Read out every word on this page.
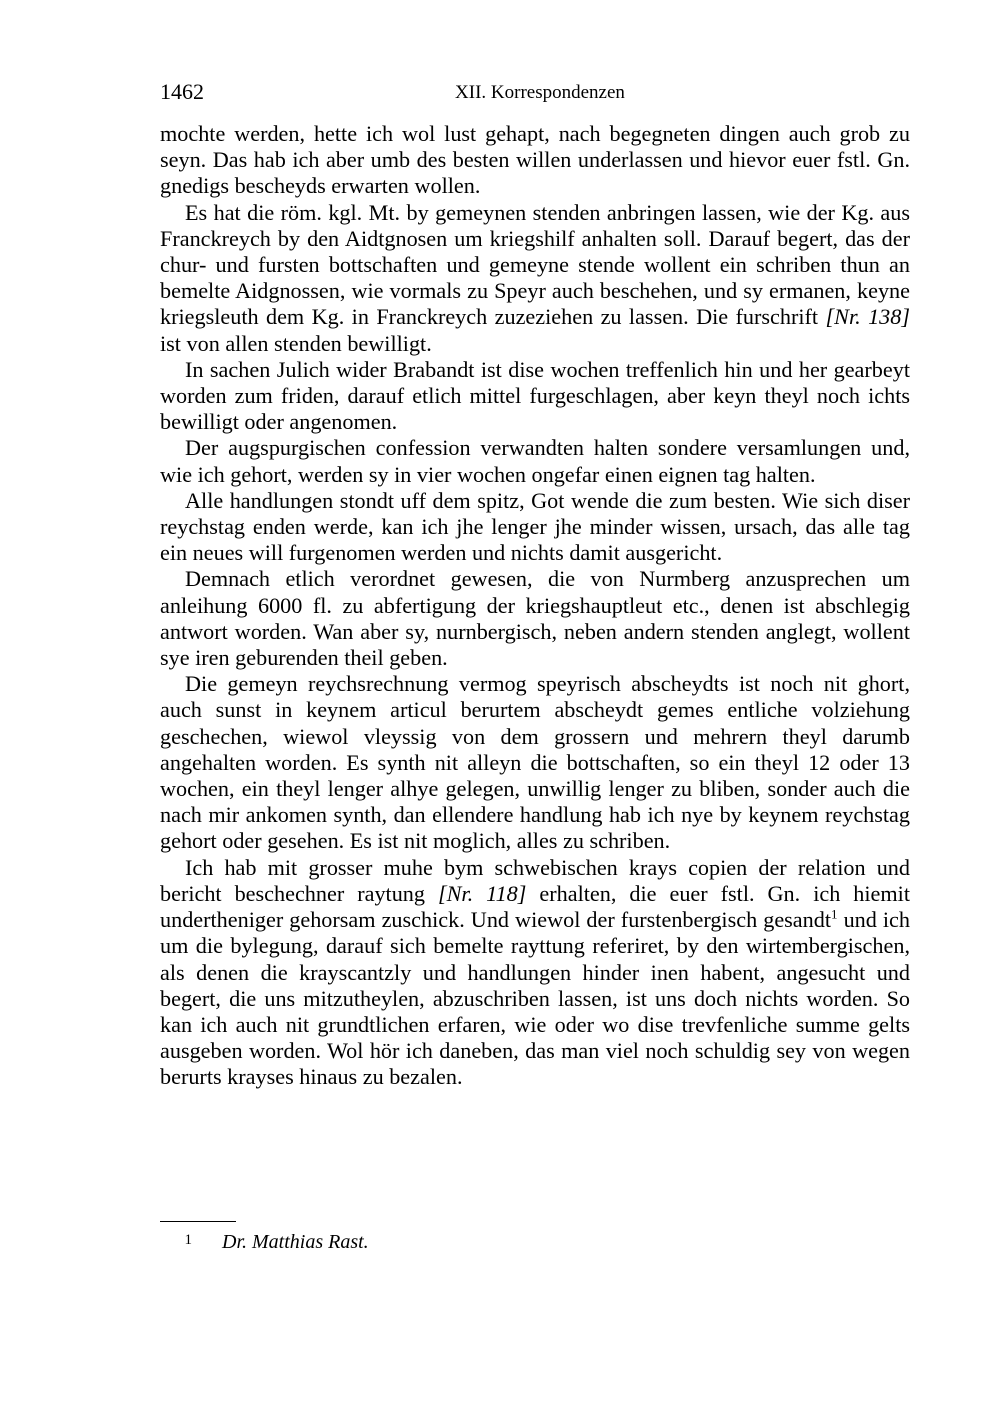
1462	XII. Korrespondenzen

mochte werden, hette ich wol lust gehapt, nach begegneten dingen auch grob zu seyn. Das hab ich aber umb des besten willen underlassen und hievor euer fstl. Gn. gnedigs bescheyds erwarten wollen.

Es hat die röm. kgl. Mt. by gemeynen stenden anbringen lassen, wie der Kg. aus Franckreych by den Aidtgnosen um kriegshilf anhalten soll. Darauf begert, das der chur- und fursten bottschaften und gemeyne stende wollent ein schriben thun an bemelte Aidgnossen, wie vormals zu Speyr auch beschehen, und sy ermanen, keyne kriegsleuth dem Kg. in Franckreych zuzeziehen zu lassen. Die furschrift [Nr. 138] ist von allen stenden bewilligt.

In sachen Julich wider Brabandt ist dise wochen treffenlich hin und her gearbeyt worden zum friden, darauf etlich mittel furgeschlagen, aber keyn theyl noch ichts bewilligt oder angenomen.

Der augspurgischen confession verwandten halten sondere versamlungen und, wie ich gehort, werden sy in vier wochen ongefar einen eignen tag halten.

Alle handlungen stondt uff dem spitz, Got wende die zum besten. Wie sich diser reychstag enden werde, kan ich jhe lenger jhe minder wissen, ursach, das alle tag ein neues will furgenomen werden und nichts damit ausgericht.

Demnach etlich verordnet gewesen, die von Nurmberg anzusprechen um anleihung 6000 fl. zu abfertigung der kriegshauptleut etc., denen ist abschlegig antwort worden. Wan aber sy, nurnbergisch, neben andern stenden anglegt, wollent sye iren geburenden theil geben.

Die gemeyn reychsrechnung vermog speyrisch abscheydts ist noch nit ghort, auch sunst in keynem articul berurtem abscheydt gemes entliche volziehung geschechen, wiewol vleyssig von dem grossern und mehrern theyl darumb angehalten worden. Es synth nit alleyn die bottschaften, so ein theyl 12 oder 13 wochen, ein theyl lenger alhye gelegen, unwillig lenger zu bliben, sonder auch die nach mir ankomen synth, dan ellendere handlung hab ich nye by keynem reychstag gehort oder gesehen. Es ist nit moglich, alles zu schriben.

Ich hab mit grosser muhe bym schwebischen krays copien der relation und bericht beschechner raytung [Nr. 118] erhalten, die euer fstl. Gn. ich hiemit undertheniger gehorsam zuschick. Und wiewol der furstenbergisch gesandt$^1$ und ich um die bylegung, darauf sich bemelte rayttung referiret, by den wirtembergischen, als denen die krayscantzly und handlungen hinder inen habent, angesucht und begert, die uns mitzutheylen, abzuschriben lassen, ist uns doch nichts worden. So kan ich auch nit grundtlichen erfaren, wie oder wo dise trevfenliche summe gelts ausgeben worden. Wol hör ich daneben, das man viel noch schuldig sey von wegen berurts krayses hinaus zu bezalen.

1 Dr. Matthias Rast.
